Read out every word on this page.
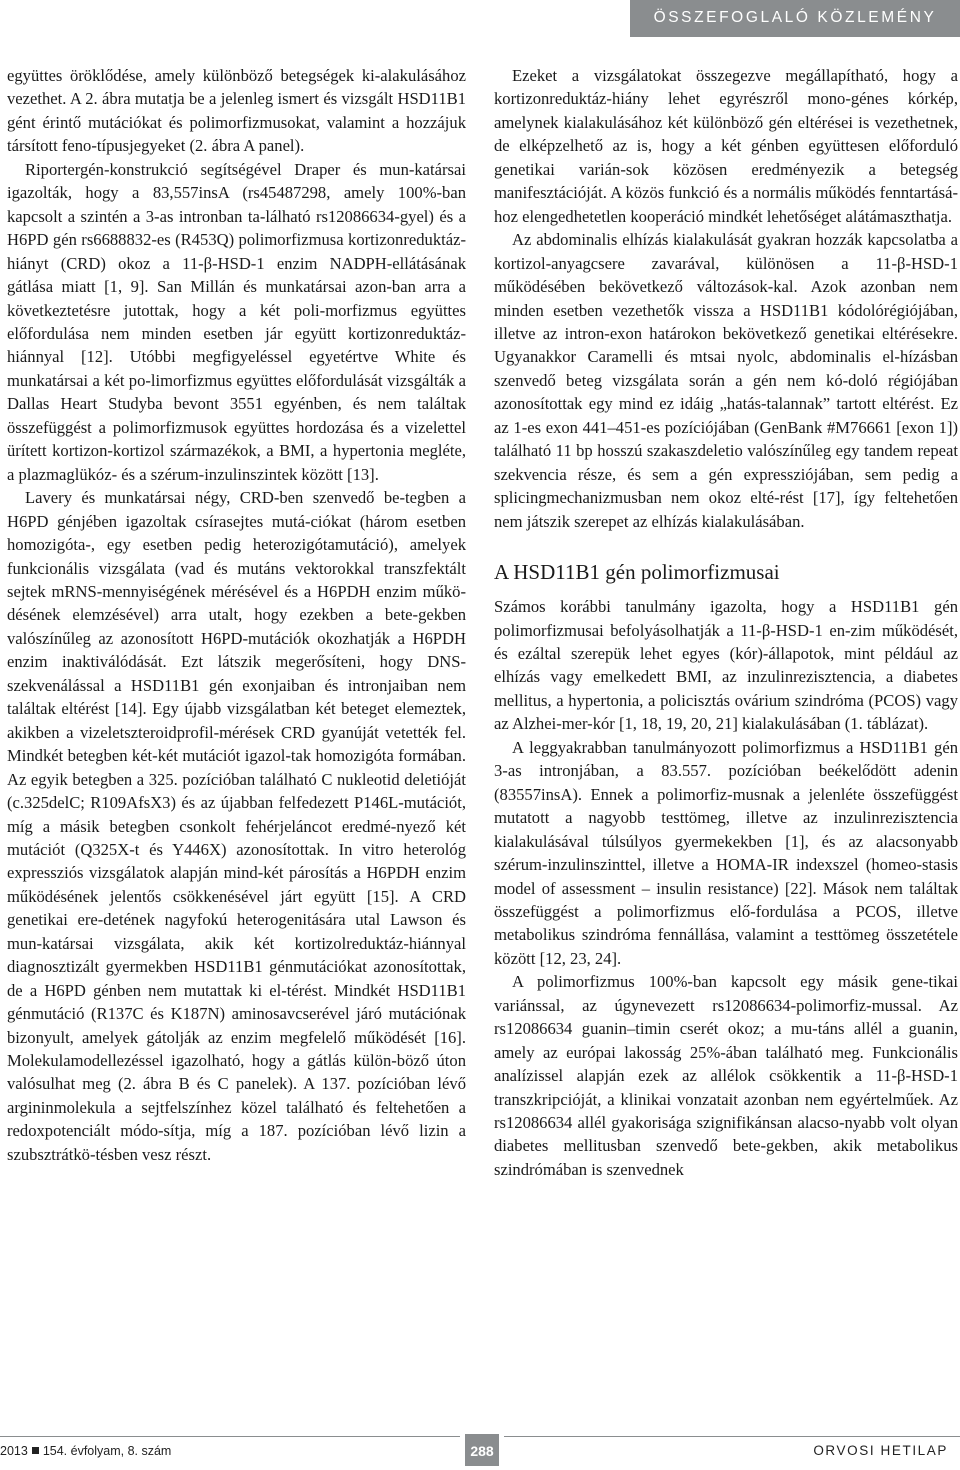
ÖSSZEFOGLALÓ KÖZLEMÉNY

együttes öröklődése, amely különböző betegségek ki-alakulásához vezethet. A 2. ábra mutatja be a jelenleg ismert és vizsgált HSD11B1 gént érintő mutációkat és polimorfizmusokat, valamint a hozzájuk társított feno-típusjegyeket (2. ábra A panel).

Riportergén-konstrukció segítségével Draper és mun-katársai igazolták, hogy a 83,557insA (rs45487298, amely 100%-ban kapcsolt a szintén a 3-as intronban ta-lálható rs12086634-gyel) és a H6PD gén rs6688832-es (R453Q) polimorfizmusa kortizonreduktáz-hiányt (CRD) okoz a 11-β-HSD-1 enzim NADPH-ellátásának gátlása miatt [1, 9]. San Millán és munkatársai azon-ban arra a következtetésre jutottak, hogy a két poli-morfizmus együttes előfordulása nem minden esetben jár együtt kortizonreduktáz-hiánnyal [12]. Utóbbi megfigyeléssel egyetértve White és munkatársai a két po-limorfizmus együttes előfordulását vizsgálták a Dallas Heart Studyba bevont 3551 egyénben, és nem találtak összefüggést a polimorfizmusok együttes hordozása és a vizelettel ürített kortizon-kortizol származékok, a BMI, a hypertonia megléte, a plazmaglükóz- és a szérum-inzulinszintek között [13].

Lavery és munkatársai négy, CRD-ben szenvedő be-tegben a H6PD génjében igazoltak csírasejtes mutá-ciókat (három esetben homozigóta-, egy esetben pedig heterozigótamutáció), amelyek funkcionális vizsgálata (vad és mutáns vektorokkal transzfektált sejtek mRNS-mennyiségének mérésével és a H6PDH enzim műkö-désének elemzésével) arra utalt, hogy ezekben a bete-gekben valószínűleg az azonosított H6PD-mutációk okozhatják a H6PDH enzim inaktiválódását. Ezt látszik megerősíteni, hogy DNS-szekvenálással a HSD11B1 gén exonjaiban és intronjaiban nem találtak eltérést [14]. Egy újabb vizsgálatban két beteget elemeztek, akikben a vizeletszteroidprofil-mérések CRD gyanúját vetették fel. Mindkét betegben két-két mutációt igazol-tak homozigóta formában. Az egyik betegben a 325. pozícióban található C nukleotid deletióját (c.325delC; R109AfsX3) és az újabban felfedezett P146L-mutációt, míg a másik betegben csonkolt fehérjeláncot eredmé-nyező két mutációt (Q325X-t és Y446X) azonosítottak. In vitro heterológ expressziós vizsgálatok alapján mind-két párosítás a H6PDH enzim működésének jelentős csökkenésével járt együtt [15]. A CRD genetikai ere-detének nagyfokú heterogenitására utal Lawson és mun-katársai vizsgálata, akik két kortizolreduktáz-hiánnyal diagnosztizált gyermekben HSD11B1 génmutációkat azonosítottak, de a H6PD génben nem mutattak ki el-térést. Mindkét HSD11B1 génmutáció (R137C és K187N) aminosavcserével járó mutációnak bizonyult, amelyek gátolják az enzim megfelelő működését [16]. Molekulamodellezéssel igazolható, hogy a gátlás külön-böző úton valósulhat meg (2. ábra B és C panelek). A 137. pozícióban lévő argininmolekula a sejtfelszínhez közel található és feltehetően a redoxpotenciált módo-sítja, míg a 187. pozícióban lévő lizin a szubsztrátkö-tésben vesz részt.

Ezeket a vizsgálatokat összegezve megállapítható, hogy a kortizonreduktáz-hiány lehet egyrészről mono-génes kórkép, amelynek kialakulásához két különböző gén eltérései is vezethetnek, de elképzelhető az is, hogy a két génben együttesen előforduló genetikai varián-sok közösen eredményezik a betegség manifesztációját. A közös funkció és a normális működés fenntartásá-hoz elengedhetetlen kooperáció mindkét lehetőséget alátámaszthatja.

Az abdominalis elhízás kialakulását gyakran hozzák kapcsolatba a kortizol-anyagcsere zavarával, különösen a 11-β-HSD-1 működésében bekövetkező változások-kal. Azok azonban nem minden esetben vezethetők vissza a HSD11B1 kódolórégiójában, illetve az intron-exon határokon bekövetkező genetikai eltérésekre. Ugyanakkor Caramelli és mtsai nyolc, abdominalis el-hízásban szenvedő beteg vizsgálata során a gén nem kó-doló régiójában azonosítottak egy mind ez idáig „hatás-talannak” tartott eltérést. Ez az 1-es exon 441–451-es pozíciójában (GenBank #M76661 [exon 1]) található 11 bp hosszú szakaszdeletio valószínűleg egy tandem repeat szekvencia része, és sem a gén expressziójában, sem pedig a splicingmechanizmusban nem okoz elté-rést [17], így feltehetően nem játszik szerepet az elhízás kialakulásában.

A HSD11B1 gén polimorfizmusai

Számos korábbi tanulmány igazolta, hogy a HSD11B1 gén polimorfizmusai befolyásolhatják a 11-β-HSD-1 en-zim működését, és ezáltal szerepük lehet egyes (kór)-állapotok, mint például az elhízás vagy emelkedett BMI, az inzulinrezisztencia, a diabetes mellitus, a hypertonia, a policisztás ovárium szindróma (PCOS) vagy az Alzhei-mer-kór [1, 18, 19, 20, 21] kialakulásában (1. táblázat).

A leggyakrabban tanulmányozott polimorfizmus a HSD11B1 gén 3-as intronjában, a 83.557. pozícióban beékelődött adenin (83557insA). Ennek a polimorfiz-musnak a jelenléte összefüggést mutatott a nagyobb testtömeg, illetve az inzulinrezisztencia kialakulásával túlsúlyos gyermekekben [1], és az alacsonyabb szérum-inzulinszinttel, illetve a HOMA-IR indexszel (homeo-stasis model of assessment – insulin resistance) [22]. Mások nem találtak összefüggést a polimorfizmus elő-fordulása a PCOS, illetve metabolikus szindróma fennállása, valamint a testtömeg összetétele között [12, 23, 24].

A polimorfizmus 100%-ban kapcsolt egy másik gene-tikai variánssal, az úgynevezett rs12086634-polimorfiz-mussal. Az rs12086634 guanin–timin cserét okoz; a mu-táns allél a guanin, amely az európai lakosság 25%-ában található meg. Funkcionális analízissel alapján ezek az allélok csökkentik a 11-β-HSD-1 transzkripcióját, a klinikai vonzatait azonban nem egyértelműek. Az rs12086634 allél gyakorisága szignifikánsan alacso-nyabb volt olyan diabetes mellitusban szenvedő bete-gekben, akik metabolikus szindrómában is szenvednek

2013 154. évfolyam, 8. szám	288	ORVOSI HETILAP
